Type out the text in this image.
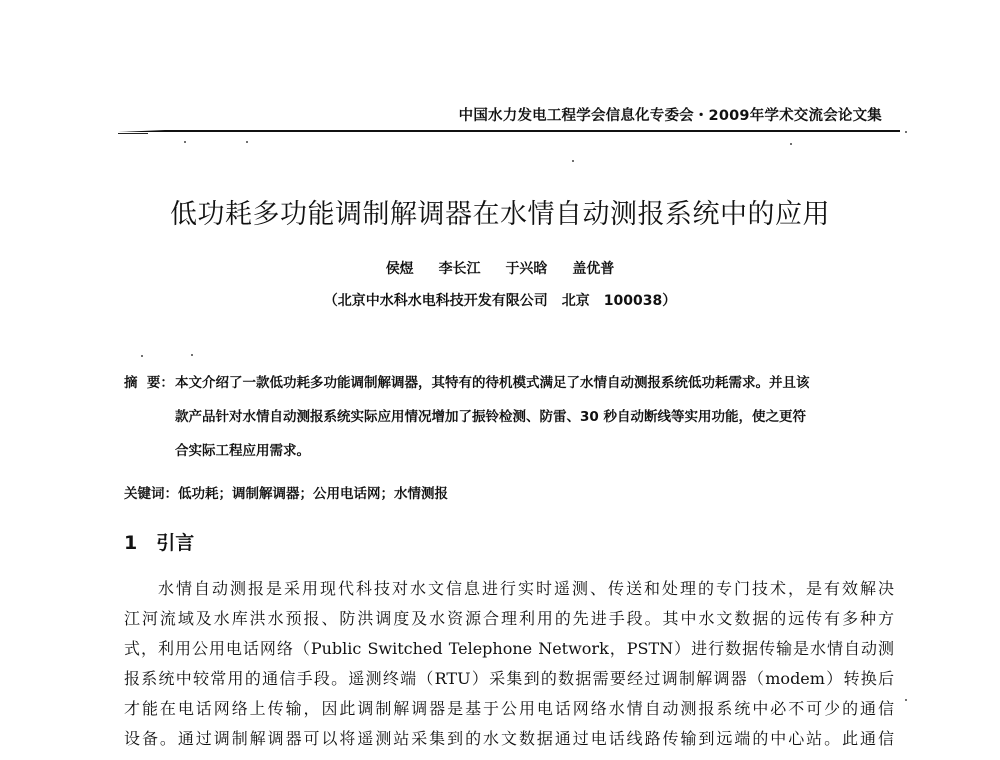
中国水力发电工程学会信息化专委会・2009年学术交流会论文集
低功耗多功能调制解调器在水情自动测报系统中的应用
侯煜 李长江 于兴晗 盖优普
（北京中水科水电科技开发有限公司　北京　100038）
摘  要： 本文介绍了一款低功耗多功能调制解调器，其特有的待机模式满足了水情自动测报系统低功耗需求。并且该
款产品针对水情自动测报系统实际应用情况增加了振铃检测、防雷、30 秒自动断线等实用功能，使之更符
合实际工程应用需求。
关键词：低功耗；调制解调器；公用电话网；水情测报
1　引言
水情自动测报是采用现代科技对水文信息进行实时遥测、传送和处理的专门技术，是有效解决
江河流域及水库洪水预报、防洪调度及水资源合理利用的先进手段。其中水文数据的远传有多种方
式，利用公用电话网络（Public Switched Telephone Network，PSTN）进行数据传输是水情自动测
报系统中较常用的通信手段。遥测终端（RTU）采集到的数据需要经过调制解调器（modem）转换后
才能在电话网络上传输，因此调制解调器是基于公用电话网络水情自动测报系统中必不可少的通信
设备。通过调制解调器可以将遥测站采集到的水文数据通过电话线路传输到远端的中心站。此通信
